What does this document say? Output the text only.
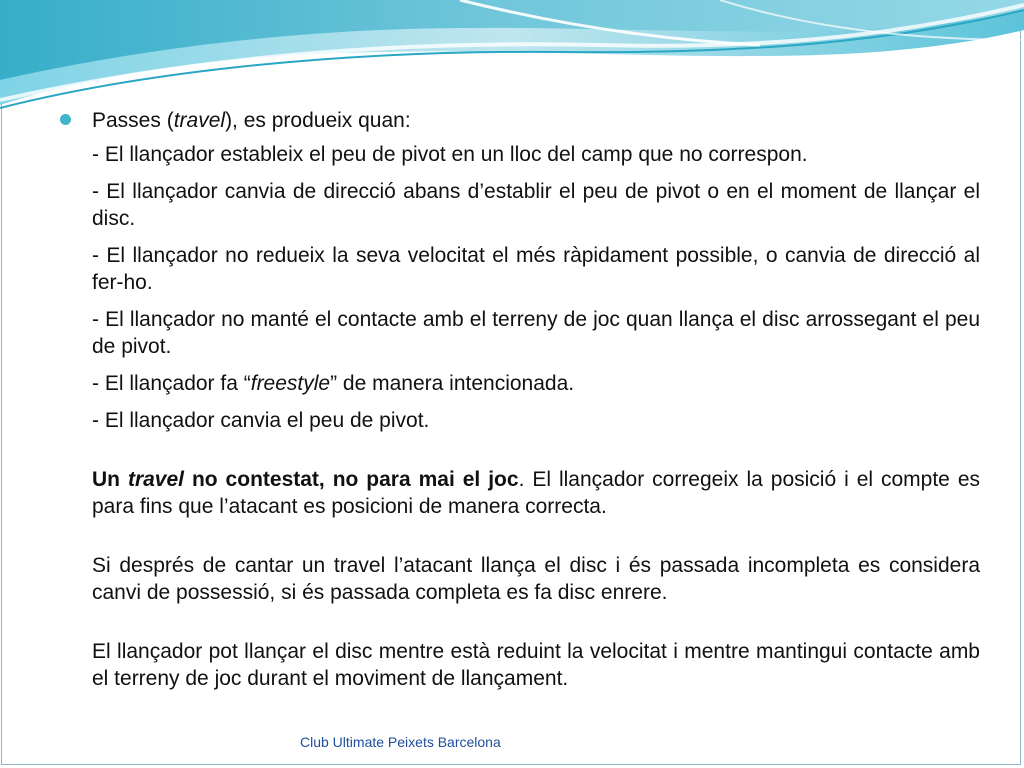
Passes (travel), es produeix quan:

- El llançador estableix el peu de pivot en un lloc del camp que no correspon.

- El llançador canvia de direcció abans d’establir el peu de pivot o en el moment de llançar el disc.

- El llançador no redueix la seva velocitat el més ràpidament possible, o canvia de direcció al fer-ho.

- El llançador no manté el contacte amb el terreny de joc quan llança el disc arrossegant el peu de pivot.

- El llançador fa “freestyle” de manera intencionada.

- El llançador canvia el peu de pivot.

Un travel no contestat, no para mai el joc. El llançador corregeix la posició i el compte es para fins que l’atacant es posicioni de manera correcta.

Si després de cantar un travel l’atacant llança el disc i és passada incompleta es considera canvi de possessió, si és passada completa es fa disc enrere.

El llançador pot llançar el disc mentre està reduint la velocitat i mentre mantingui contacte amb el terreny de joc durant el moviment de llançament.

Club Ultimate Peixets Barcelona
